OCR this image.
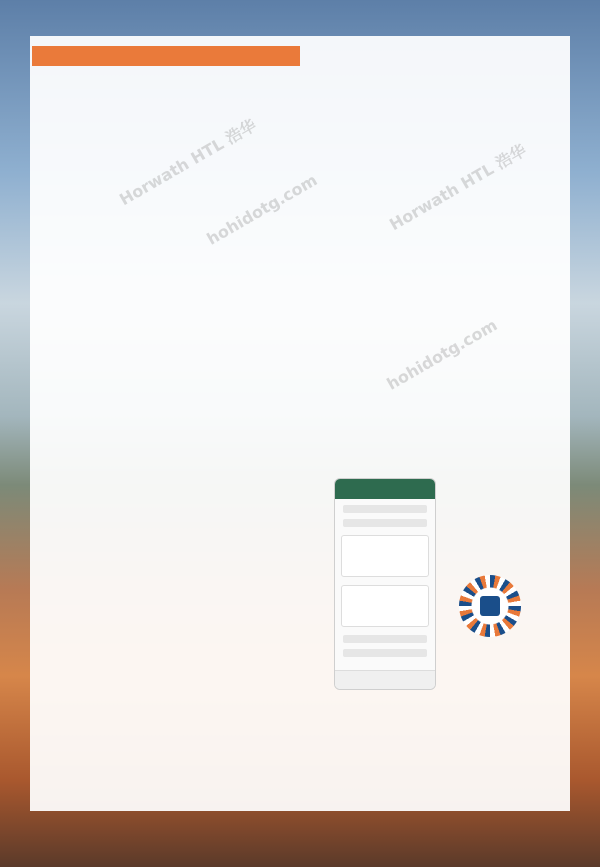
Horwath HTL 浩华
hohidotg.com	Horwath HTL 浩华
hohidotg.com
